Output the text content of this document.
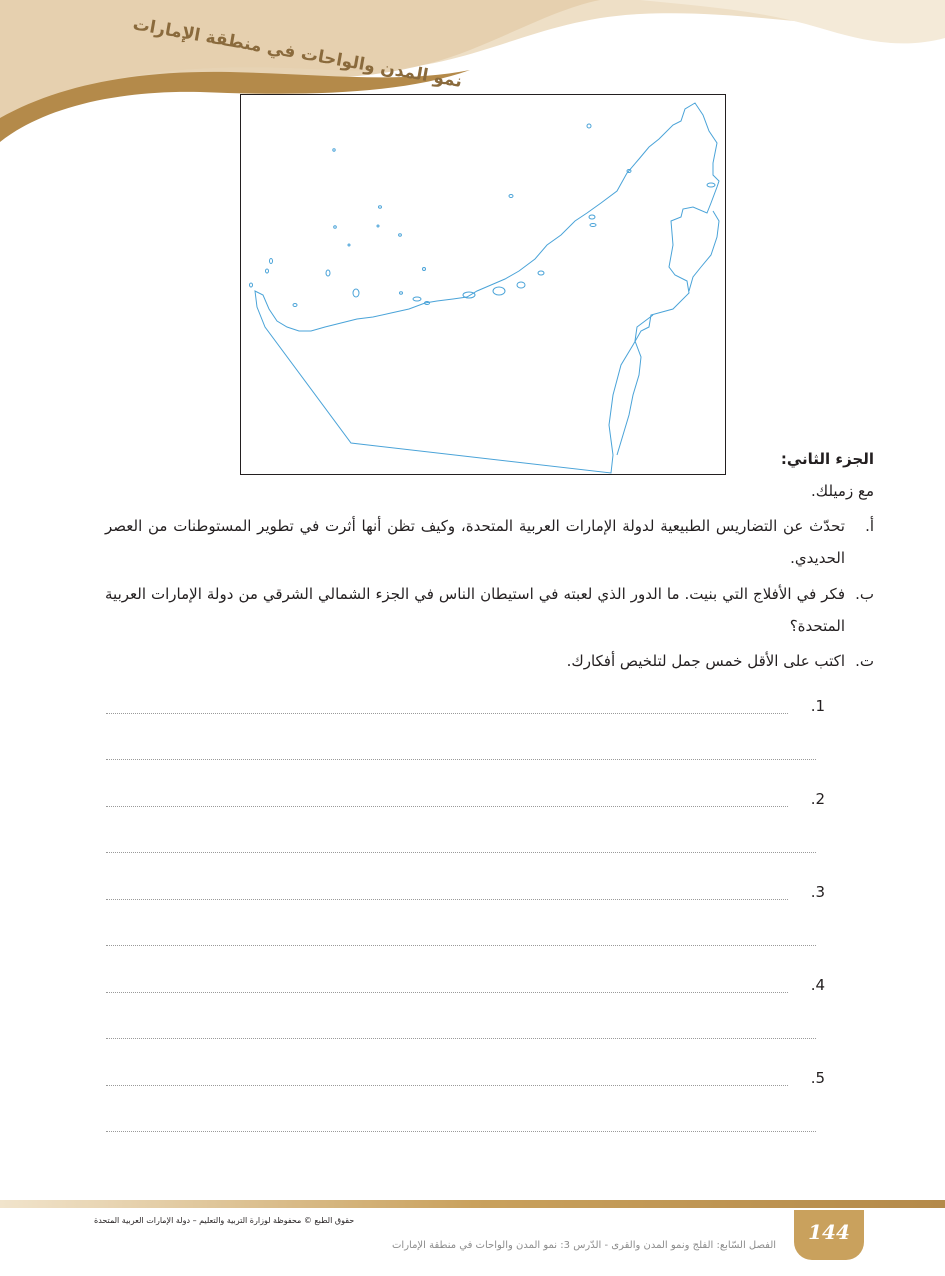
نمو المدن والواحات في منطقة الإمارات
الجزء الثاني:
مع زميلك.
أ.
تحدّث عن التضاريس الطبيعية لدولة الإمارات العربية المتحدة، وكيف تظن أنها أثرت في تطوير المستوطنات من العصر الحديدي.
ب.
فكر في الأفلاج التي بنيت. ما الدور الذي لعبته في استيطان الناس في الجزء الشمالي الشرقي من دولة الإمارات العربية المتحدة؟
ت.
اكتب على الأقل خمس جمل لتلخيص أفكارك.
.1
.2
.3
.4
.5
حقوق الطبع © محفوظة لوزارة التربية والتعليم – دولة الإمارات العربية المتحدة	144
الفصل السّابع: الفلج ونمو المدن والقرى - الدّرس 3: نمو المدن والواحات في منطقة الإمارات
